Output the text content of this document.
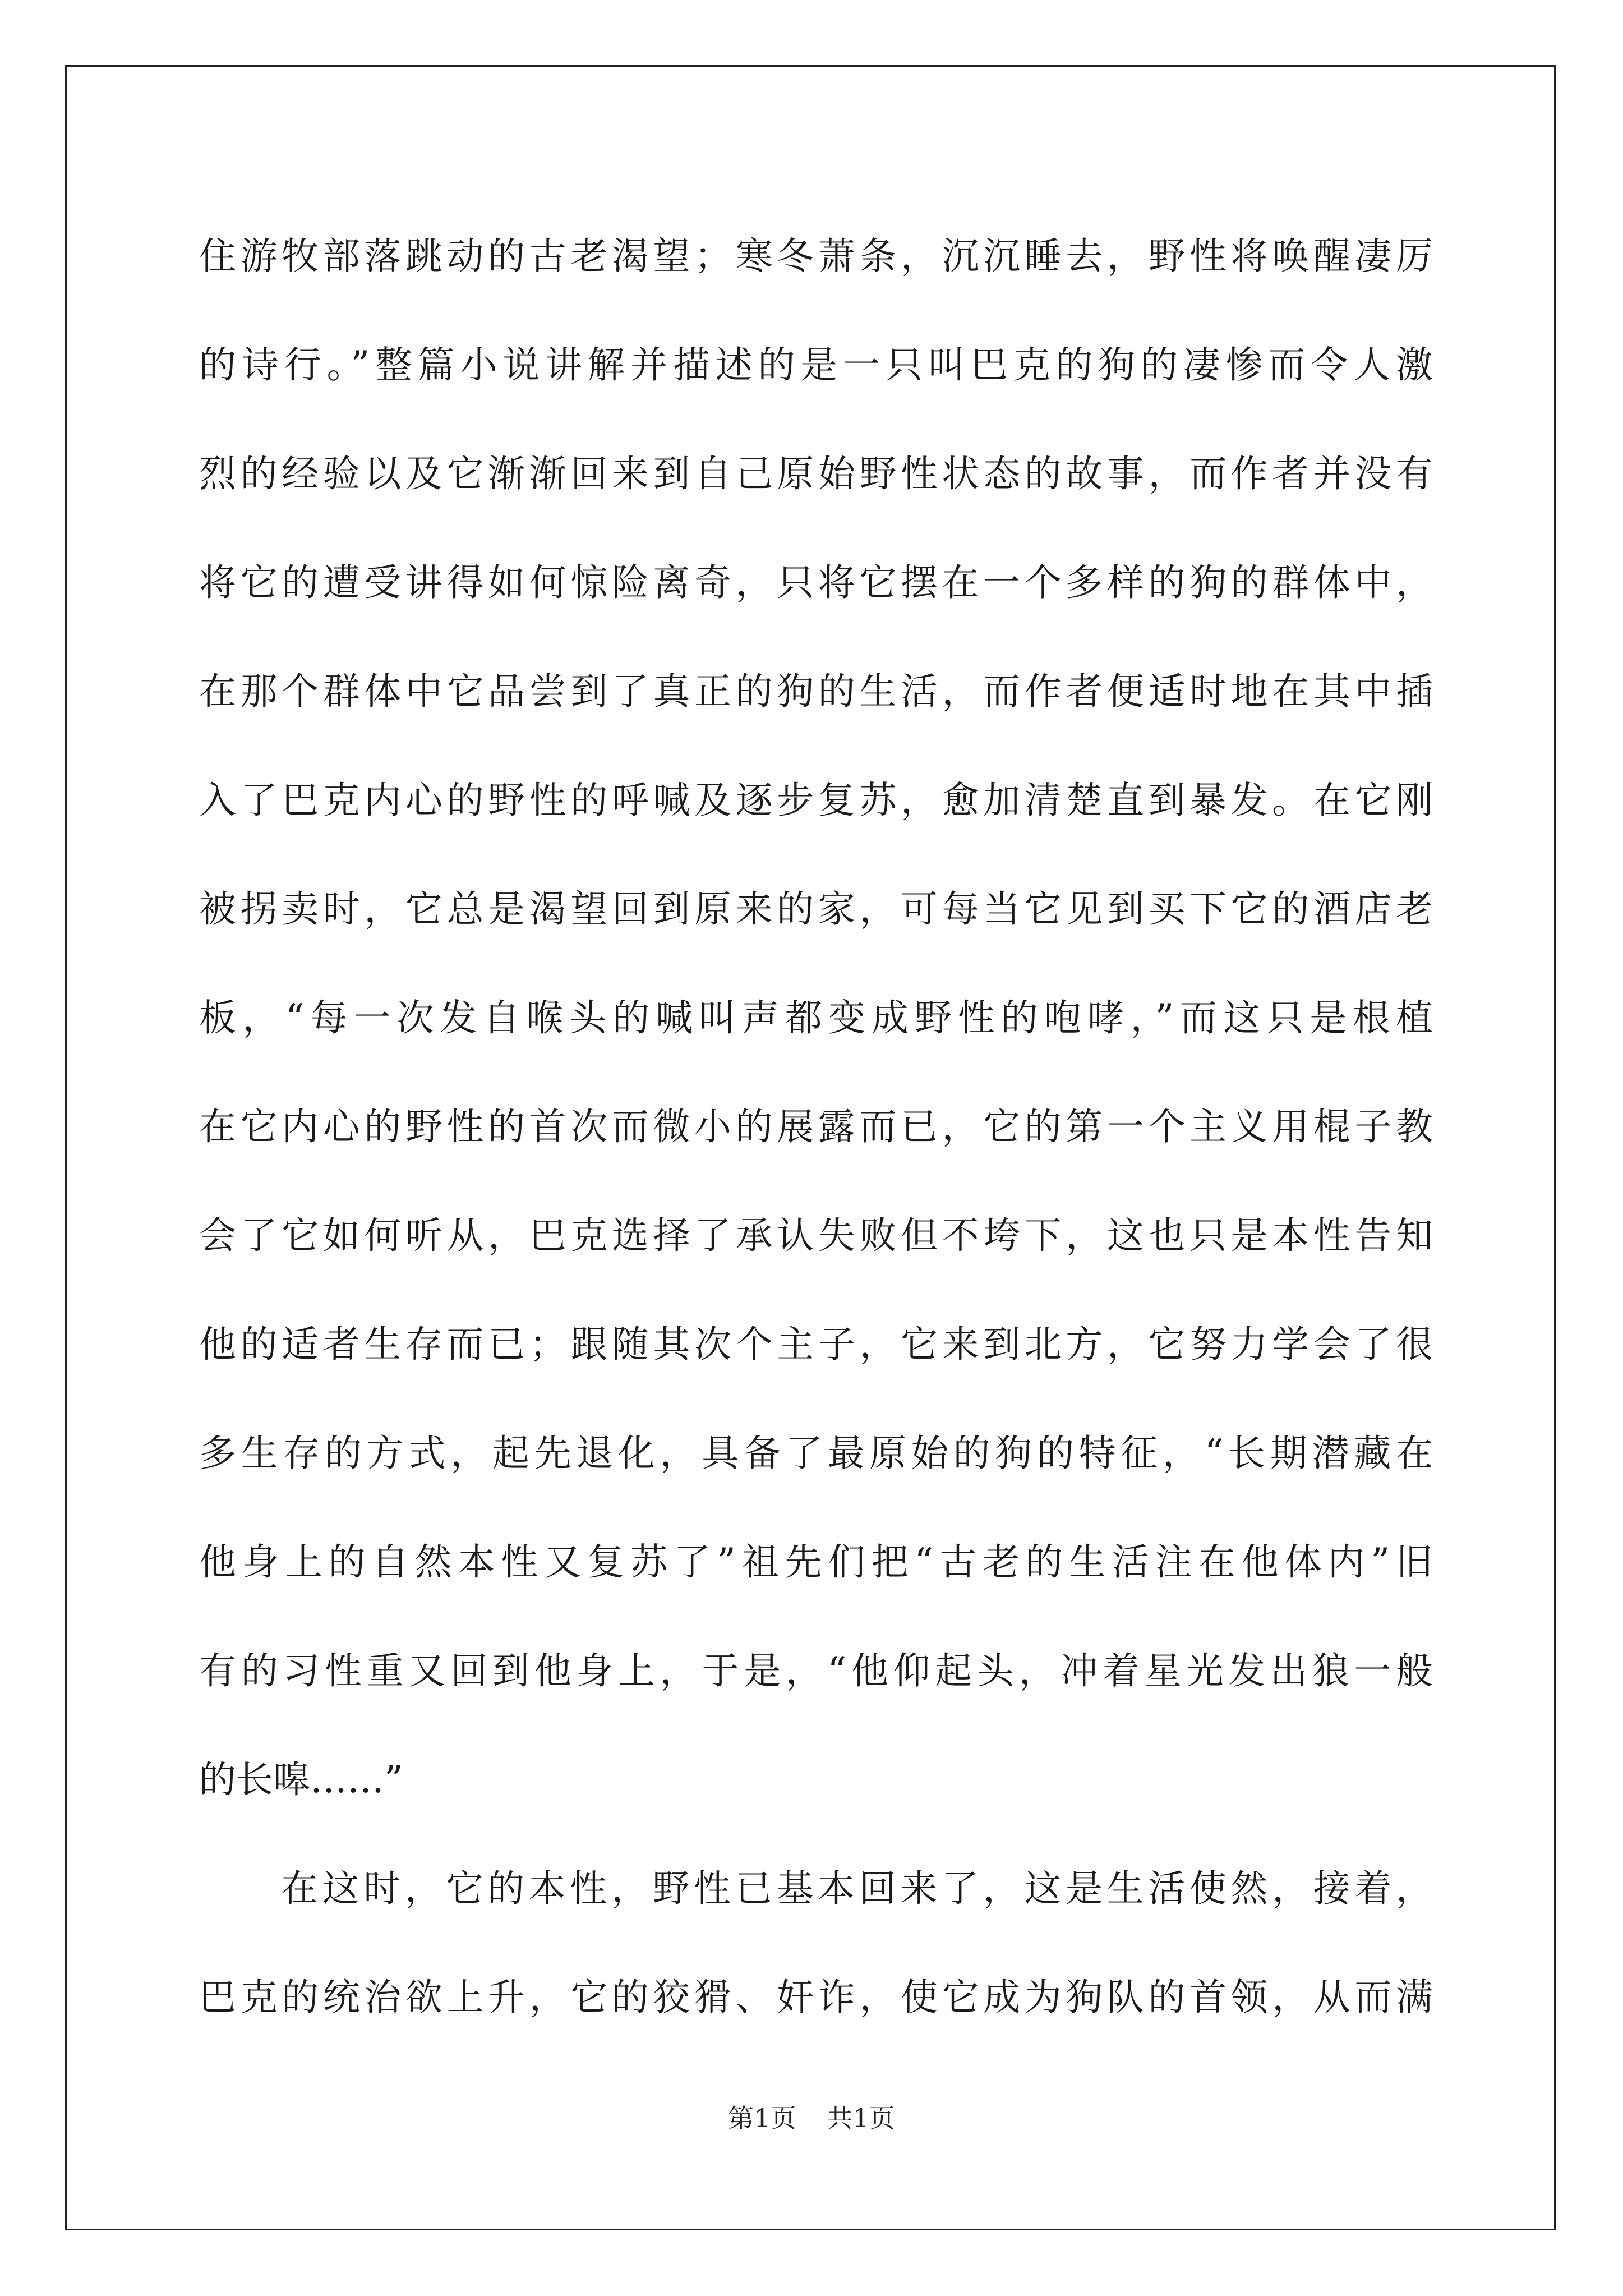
住游牧部落跳动的古老渴望；寒冬萧条，沉沉睡去，野性将唤醒凄厉
的诗行。”整篇小说讲解并描述的是一只叫巴克的狗的凄惨而令人激
烈的经验以及它渐渐回来到自己原始野性状态的故事，而作者并没有
将它的遭受讲得如何惊险离奇，只将它摆在一个多样的狗的群体中，
在那个群体中它品尝到了真正的狗的生活，而作者便适时地在其中插
入了巴克内心的野性的呼喊及逐步复苏，愈加清楚直到暴发。在它刚
被拐卖时，它总是渴望回到原来的家，可每当它见到买下它的酒店老
板，“每一次发自喉头的喊叫声都变成野性的咆哮，”而这只是根植
在它内心的野性的首次而微小的展露而已，它的第一个主义用棍子教
会了它如何听从，巴克选择了承认失败但不垮下，这也只是本性告知
他的适者生存而已；跟随其次个主子，它来到北方，它努力学会了很
多生存的方式，起先退化，具备了最原始的狗的特征，“长期潜藏在
他身上的自然本性又复苏了”祖先们把“古老的生活注在他体内”旧
有的习性重又回到他身上，于是，“他仰起头，冲着星光发出狼一般
的长嗥……”
在这时，它的本性，野性已基本回来了，这是生活使然，接着，
巴克的统治欲上升，它的狡猾、奸诈，使它成为狗队的首领，从而满
第1页 共1页
